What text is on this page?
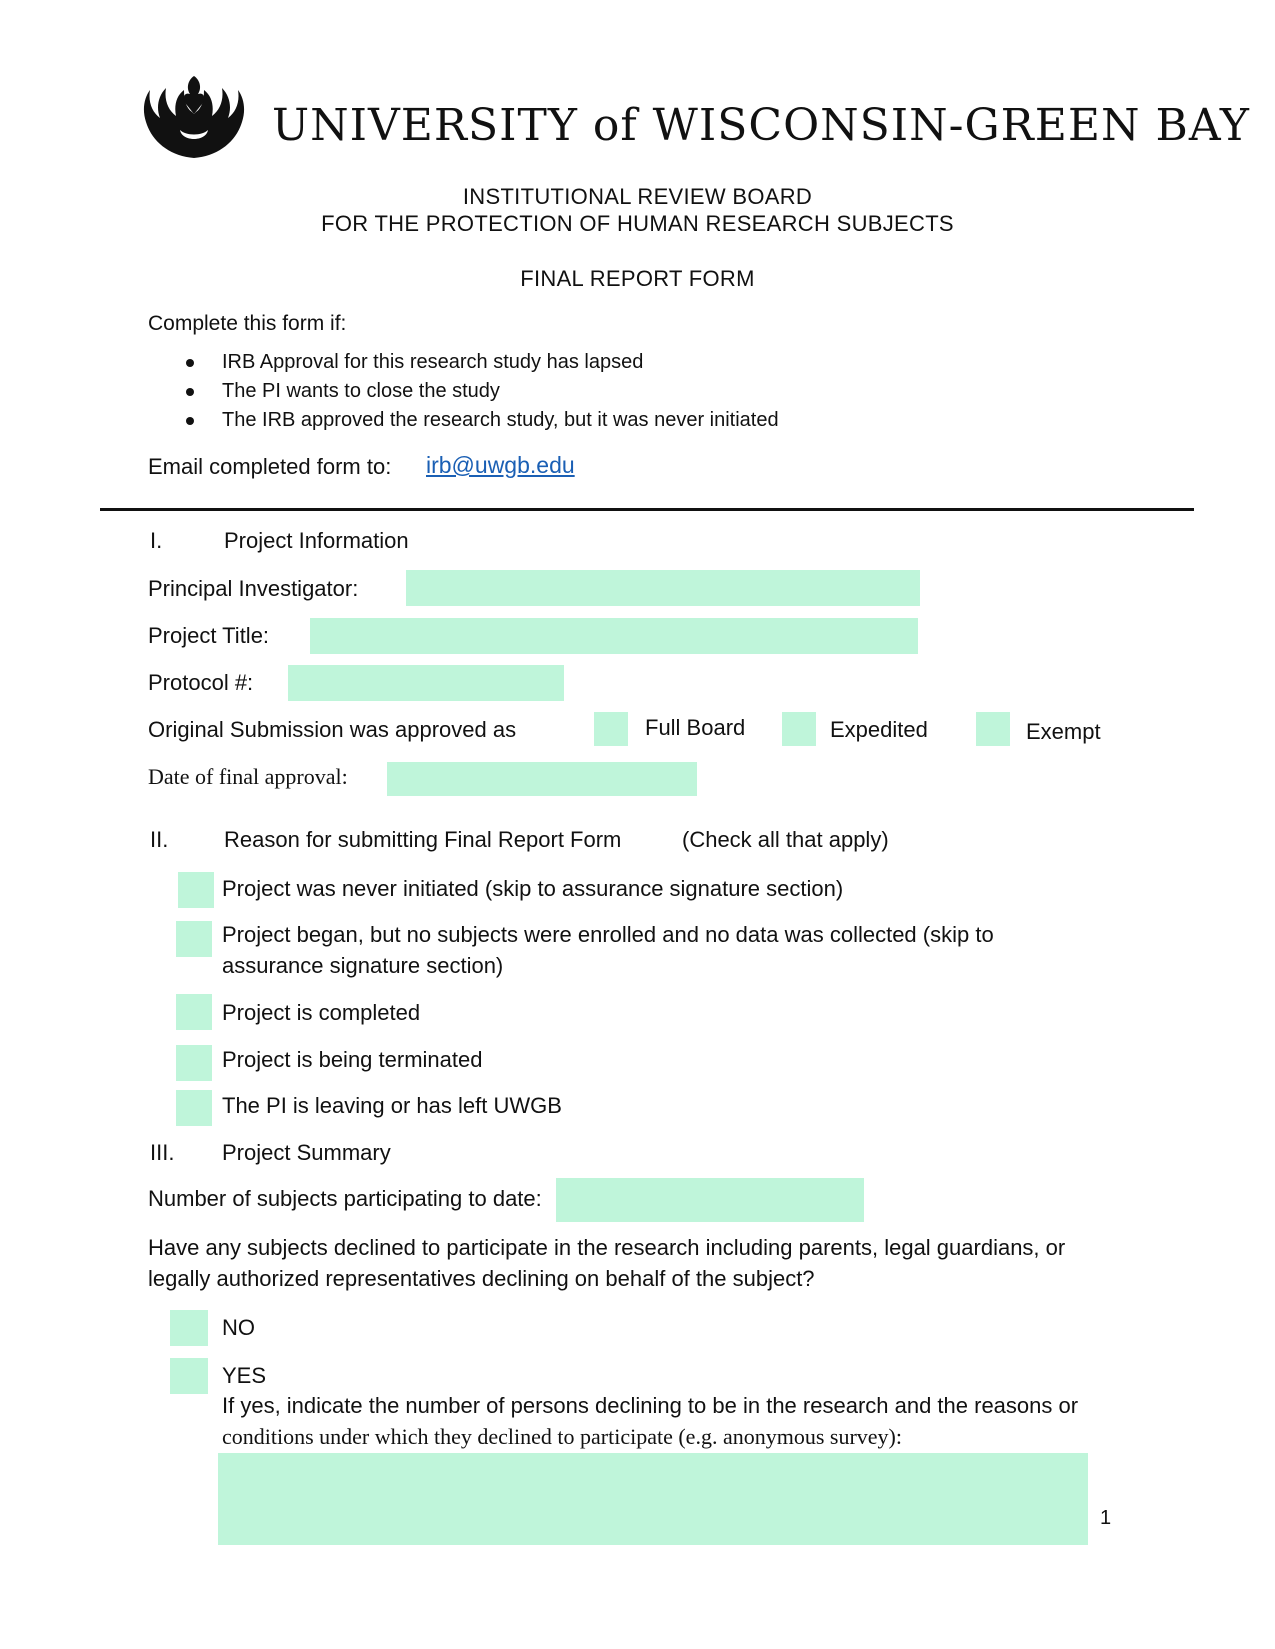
UNIVERSITY of WISCONSIN-GREEN BAY
INSTITUTIONAL REVIEW BOARD
FOR THE PROTECTION OF HUMAN RESEARCH SUBJECTS
FINAL REPORT FORM
Complete this form if:
IRB Approval for this research study has lapsed
The PI wants to close the study
The IRB approved the research study, but it was never initiated
Email completed form to: irb@uwgb.edu
I.	Project Information
Principal Investigator:
Project Title:
Protocol #:
Original Submission was approved as	Full Board	Expedited	Exempt
Date of final approval:
II.	Reason for submitting Final Report Form	(Check all that apply)
Project was never initiated (skip to assurance signature section)
Project began, but no subjects were enrolled and no data was collected (skip to
assurance signature section)
Project is completed
Project is being terminated
The PI is leaving or has left UWGB
III. Project Summary
Number of subjects participating to date:
Have any subjects declined to participate in the research including parents, legal guardians, or
legally authorized representatives declining on behalf of the subject?
NO
YES
If yes, indicate the number of persons declining to be in the research and the reasons or
conditions under which they declined to participate (e.g. anonymous survey):
1
